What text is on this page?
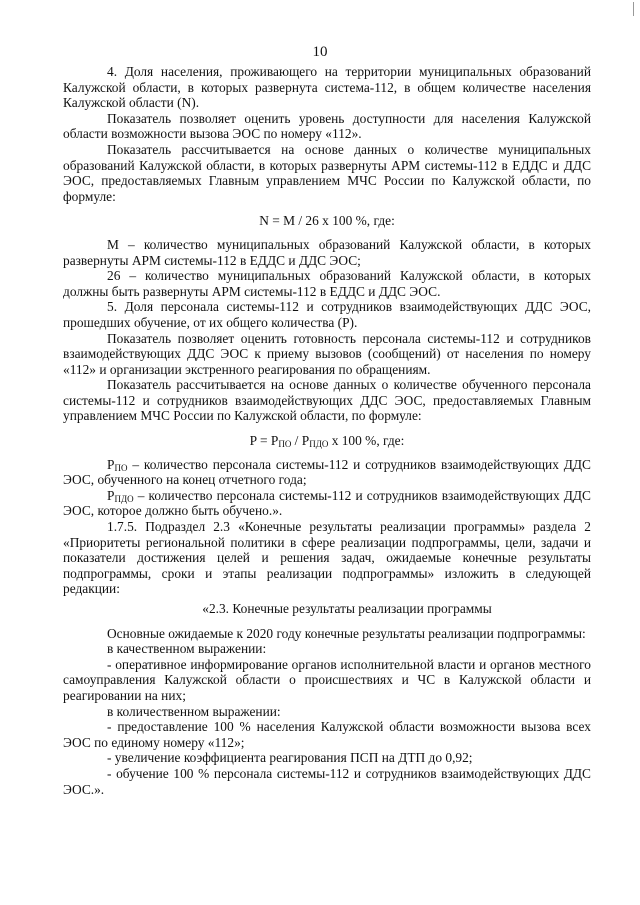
10

4. Доля населения, проживающего на территории муниципальных образований Калужской области, в которых развернута система-112, в общем количестве населения Калужской области (N).

Показатель позволяет оценить уровень доступности для населения Калужской области возможности вызова ЭОС по номеру «112».

Показатель рассчитывается на основе данных о количестве муниципальных образований Калужской области, в которых развернуты АРМ системы-112 в ЕДДС и ДДС ЭОС, предоставляемых Главным управлением МЧС России по Калужской области, по формуле:

N = M / 26 х 100 %, где:

M – количество муниципальных образований Калужской области, в которых развернуты АРМ системы-112 в ЕДДС и ДДС ЭОС;

26 – количество муниципальных образований Калужской области, в которых должны быть развернуты АРМ системы-112 в ЕДДС и ДДС ЭОС.

5. Доля персонала системы-112 и сотрудников взаимодействующих ДДС ЭОС, прошедших обучение, от их общего количества (P).

Показатель позволяет оценить готовность персонала системы-112 и сотрудников взаимодействующих ДДС ЭОС к приему вызовов (сообщений) от населения по номеру «112» и организации экстренного реагирования по обращениям.

Показатель рассчитывается на основе данных о количестве обученного персонала системы-112 и сотрудников взаимодействующих ДДС ЭОС, предоставляемых Главным управлением МЧС России по Калужской области, по формуле:

$P = P_{ПО} / P_{ПДО}$ х 100 %, где:

$P_{ПО}$ – количество персонала системы-112 и сотрудников взаимодействующих ДДС ЭОС, обученного на конец отчетного года;

$P_{ПДО}$ – количество персонала системы-112 и сотрудников взаимодействующих ДДС ЭОС, которое должно быть обучено.».

1.7.5. Подраздел 2.3 «Конечные результаты реализации программы» раздела 2 «Приоритеты региональной политики в сфере реализации подпрограммы, цели, задачи и показатели достижения целей и решения задач, ожидаемые конечные результаты подпрограммы, сроки и этапы реализации подпрограммы» изложить в следующей редакции:

«2.3. Конечные результаты реализации программы

Основные ожидаемые к 2020 году конечные результаты реализации подпрограммы:

в качественном выражении:

- оперативное информирование органов исполнительной власти и органов местного самоуправления Калужской области о происшествиях и ЧС в Калужской области и реагировании на них;

в количественном выражении:

- предоставление 100 % населения Калужской области возможности вызова всех ЭОС по единому номеру «112»;

- увеличение коэффициента реагирования ПСП на ДТП до 0,92;

- обучение 100 % персонала системы-112 и сотрудников взаимодействующих ДДС ЭОС.».
